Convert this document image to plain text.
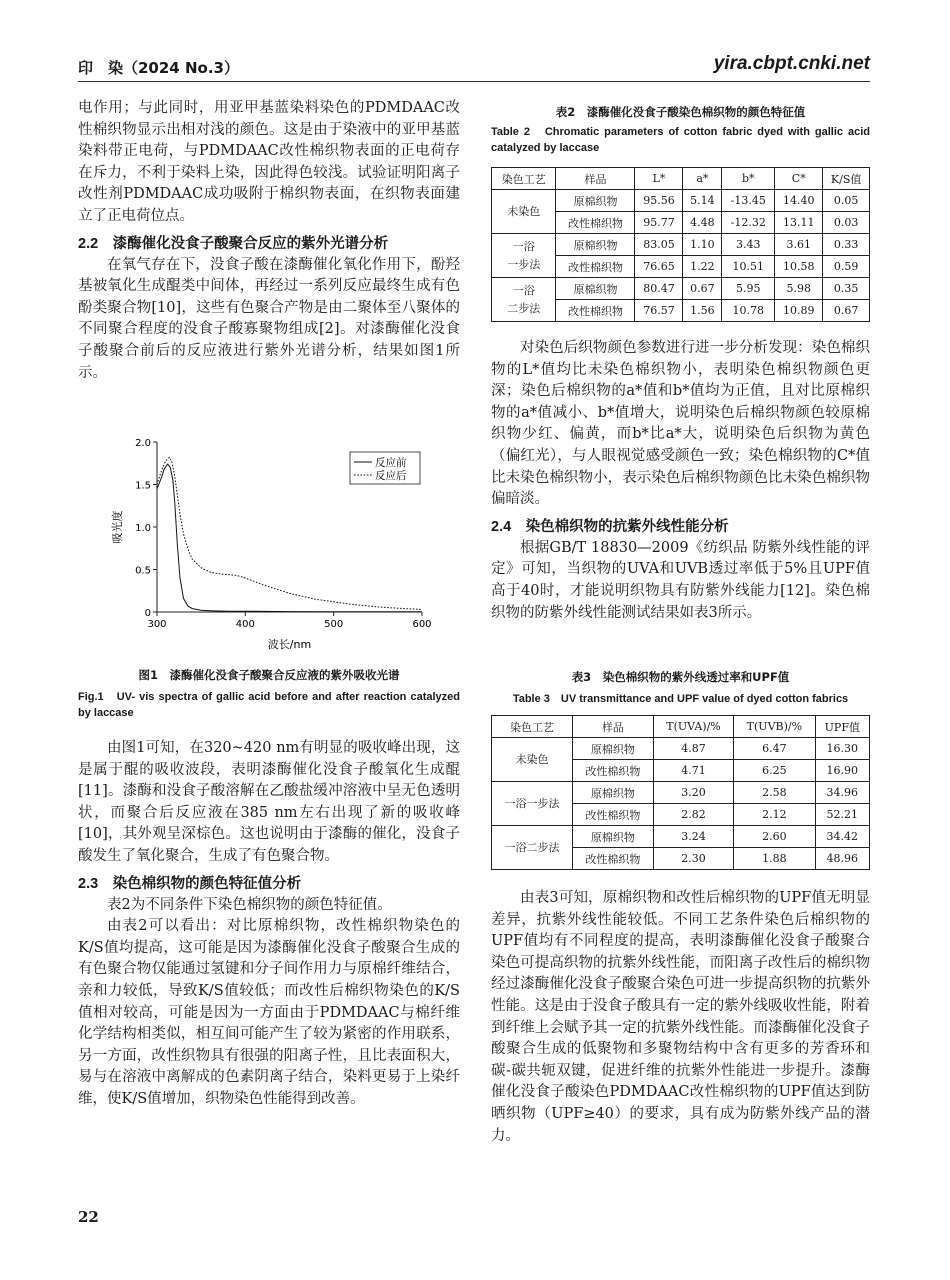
印　染（2024 No.3）	yira.cbpt.cnki.net

电作用；与此同时，用亚甲基蓝染料染色的PDMDAAC改性棉织物显示出相对浅的颜色。这是由于染液中的亚甲基蓝染料带正电荷，与PDMDAAC改性棉织物表面的正电荷存在斥力，不利于染料上染，因此得色较浅。试验证明阳离子改性剂PDMDAAC成功吸附于棉织物表面，在织物表面建立了正电荷位点。

2.2　漆酶催化没食子酸聚合反应的紫外光谱分析

在氧气存在下，没食子酸在漆酶催化氧化作用下，酚羟基被氧化生成醌类中间体，再经过一系列反应最终生成有色酚类聚合物[10]，这些有色聚合产物是由二聚体至八聚体的不同聚合程度的没食子酸寡聚物组成[2]。对漆酶催化没食子酸聚合前后的反应液进行紫外光谱分析，结果如图1所示。

300	400	500	600
0
0.5
1.0
1.5
2.0
波长/nm
吸光度
反应前
反应后
图1　漆酶催化没食子酸聚合反应液的紫外吸收光谱
Fig.1　UV- vis spectra of gallic acid before and after reaction catalyzed by laccase

由图1可知，在320~420 nm有明显的吸收峰出现，这是属于醌的吸收波段，表明漆酶催化没食子酸氧化生成醌[11]。漆酶和没食子酸溶解在乙酸盐缓冲溶液中呈无色透明状，而聚合后反应液在385 nm左右出现了新的吸收峰[10]，其外观呈深棕色。这也说明由于漆酶的催化，没食子酸发生了氧化聚合，生成了有色聚合物。

2.3　染色棉织物的颜色特征值分析

表2为不同条件下染色棉织物的颜色特征值。

由表2可以看出：对比原棉织物，改性棉织物染色的K/S值均提高，这可能是因为漆酶催化没食子酸聚合生成的有色聚合物仅能通过氢键和分子间作用力与原棉纤维结合，亲和力较低，导致K/S值较低；而改性后棉织物染色的K/S值相对较高，可能是因为一方面由于PDMDAAC与棉纤维化学结构相类似，相互间可能产生了较为紧密的作用联系，另一方面，改性织物具有很强的阳离子性，且比表面积大，易与在溶液中离解成的色素阴离子结合，染料更易于上染纤维，使K/S值增加，织物染色性能得到改善。

表2　漆酶催化没食子酸染色棉织物的颜色特征值
Table 2　Chromatic parameters of cotton fabric dyed with gallic acid catalyzed by laccase
染色工艺	样品	L*	a*	b*	C*	K/S值
未染色	原棉织物	95.56	5.14	-13.45	14.40	0.05
	改性棉织物	95.77	4.48	-12.32	13.11	0.03
一浴
一步法	原棉织物	83.05	1.10	3.43	3.61	0.33
	改性棉织物	76.65	1.22	10.51	10.58	0.59
一浴
二步法	原棉织物	80.47	0.67	5.95	5.98	0.35
	改性棉织物	76.57	1.56	10.78	10.89	0.67

对染色后织物颜色参数进行进一步分析发现：染色棉织物的L*值均比未染色棉织物小，表明染色棉织物颜色更深；染色后棉织物的a*值和b*值均为正值，且对比原棉织物的a*值减小、b*值增大，说明染色后棉织物颜色较原棉织物少红、偏黄，而b*比a*大，说明染色后织物为黄色（偏红光），与人眼视觉感受颜色一致；染色棉织物的C*值比未染色棉织物小，表示染色后棉织物颜色比未染色棉织物偏暗淡。

2.4　染色棉织物的抗紫外线性能分析

根据GB/T 18830—2009《纺织品 防紫外线性能的评定》可知，当织物的UVA和UVB透过率低于5%且UPF值高于40时，才能说明织物具有防紫外线能力[12]。染色棉织物的防紫外线性能测试结果如表3所示。

表3　染色棉织物的紫外线透过率和UPF值
Table 3　UV transmittance and UPF value of dyed cotton fabrics
染色工艺	样品	T(UVA)/%	T(UVB)/%	UPF值
未染色	原棉织物	4.87	6.47	16.30
	改性棉织物	4.71	6.25	16.90
一浴一步法	原棉织物	3.20	2.58	34.96
	改性棉织物	2.82	2.12	52.21
一浴二步法	原棉织物	3.24	2.60	34.42
	改性棉织物	2.30	1.88	48.96

由表3可知，原棉织物和改性后棉织物的UPF值无明显差异，抗紫外线性能较低。不同工艺条件染色后棉织物的UPF值均有不同程度的提高，表明漆酶催化没食子酸聚合染色可提高织物的抗紫外线性能，而阳离子改性后的棉织物经过漆酶催化没食子酸聚合染色可进一步提高织物的抗紫外性能。这是由于没食子酸具有一定的紫外线吸收性能，附着到纤维上会赋予其一定的抗紫外线性能。而漆酶催化没食子酸聚合生成的低聚物和多聚物结构中含有更多的芳香环和碳-碳共轭双键，促进纤维的抗紫外性能进一步提升。漆酶催化没食子酸染色PDMDAAC改性棉织物的UPF值达到防晒织物（UPF≥40）的要求，具有成为防紫外线产品的潜力。

22
